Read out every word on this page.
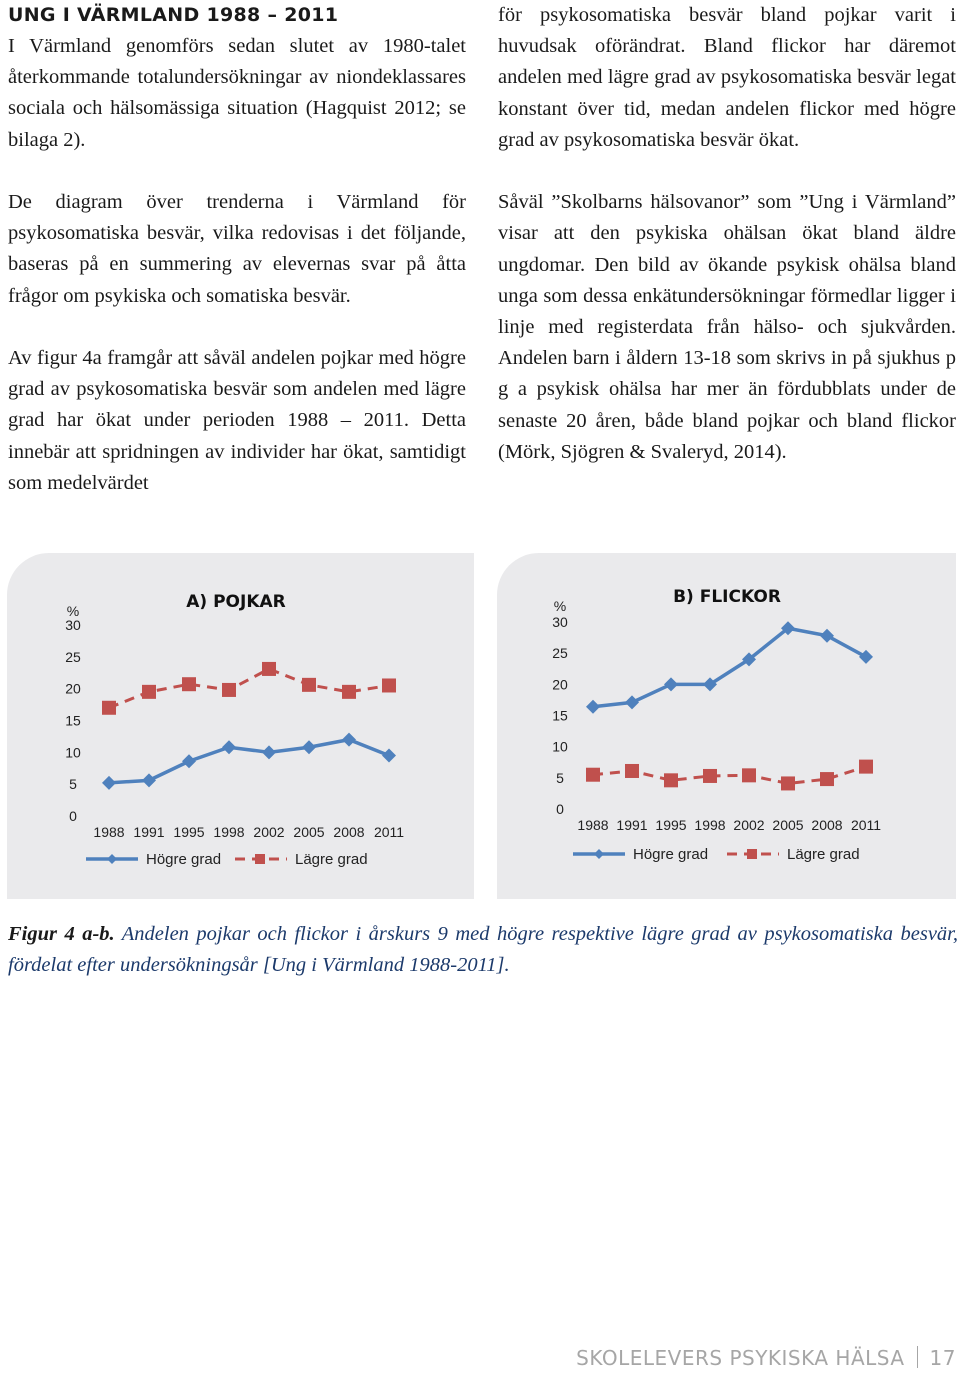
UNG I VÄRMLAND 1988 – 2011

I Värmland genomförs sedan slutet av 1980-talet återkommande totalundersökningar av niondeklassares sociala och hälsomässiga situation (Hagquist 2012; se bilaga 2).

De diagram över trenderna i Värmland för psykosomatiska besvär, vilka redovisas i det följande, baseras på en summering av elevernas svar på åtta frågor om psykiska och somatiska besvär.

Av figur 4a framgår att såväl andelen pojkar med högre grad av psykosomatiska besvär som andelen med lägre grad har ökat under perioden 1988 – 2011. Detta innebär att spridningen av individer har ökat, samtidigt som medelvärdet

för psykosomatiska besvär bland pojkar varit i huvudsak oförändrat. Bland flickor har däremot andelen med lägre grad av psykosomatiska besvär legat konstant över tid, medan andelen flickor med högre grad av psykosomatiska besvär ökat.

Såväl ”Skolbarns hälsovanor” som ”Ung i Värmland” visar att den psykiska ohälsan ökat bland äldre ungdomar. Den bild av ökande psykisk ohälsa bland unga som dessa enkätundersökningar förmedlar ligger i linje med registerdata från hälso- och sjukvården. Andelen barn i åldern 13-18 som skrivs in på sjukhus p g a psykisk ohälsa har mer än fördubblats under de senaste 20 åren, både bland pojkar och bland flickor (Mörk, Sjögren & Svaleryd, 2014).

A) POJKAR
%
0
5
10
15
20
25
30
1988 1991 1995 1998 2002 2005 2008 2011
Högre grad	Lägre grad
B) FLICKOR
%
0
5
10
15
20
25
30
1988 1991 1995 1998 2002 2005 2008 2011
Högre grad	Lägre grad
Figur 4 a-b. Andelen pojkar och flickor i årskurs 9 med högre respektive lägre grad av psykosomatiska besvär, fördelat efter undersökningsår [Ung i Värmland 1988-2011].
SKOLELEVERS PSYKISKA HÄLSA 17
